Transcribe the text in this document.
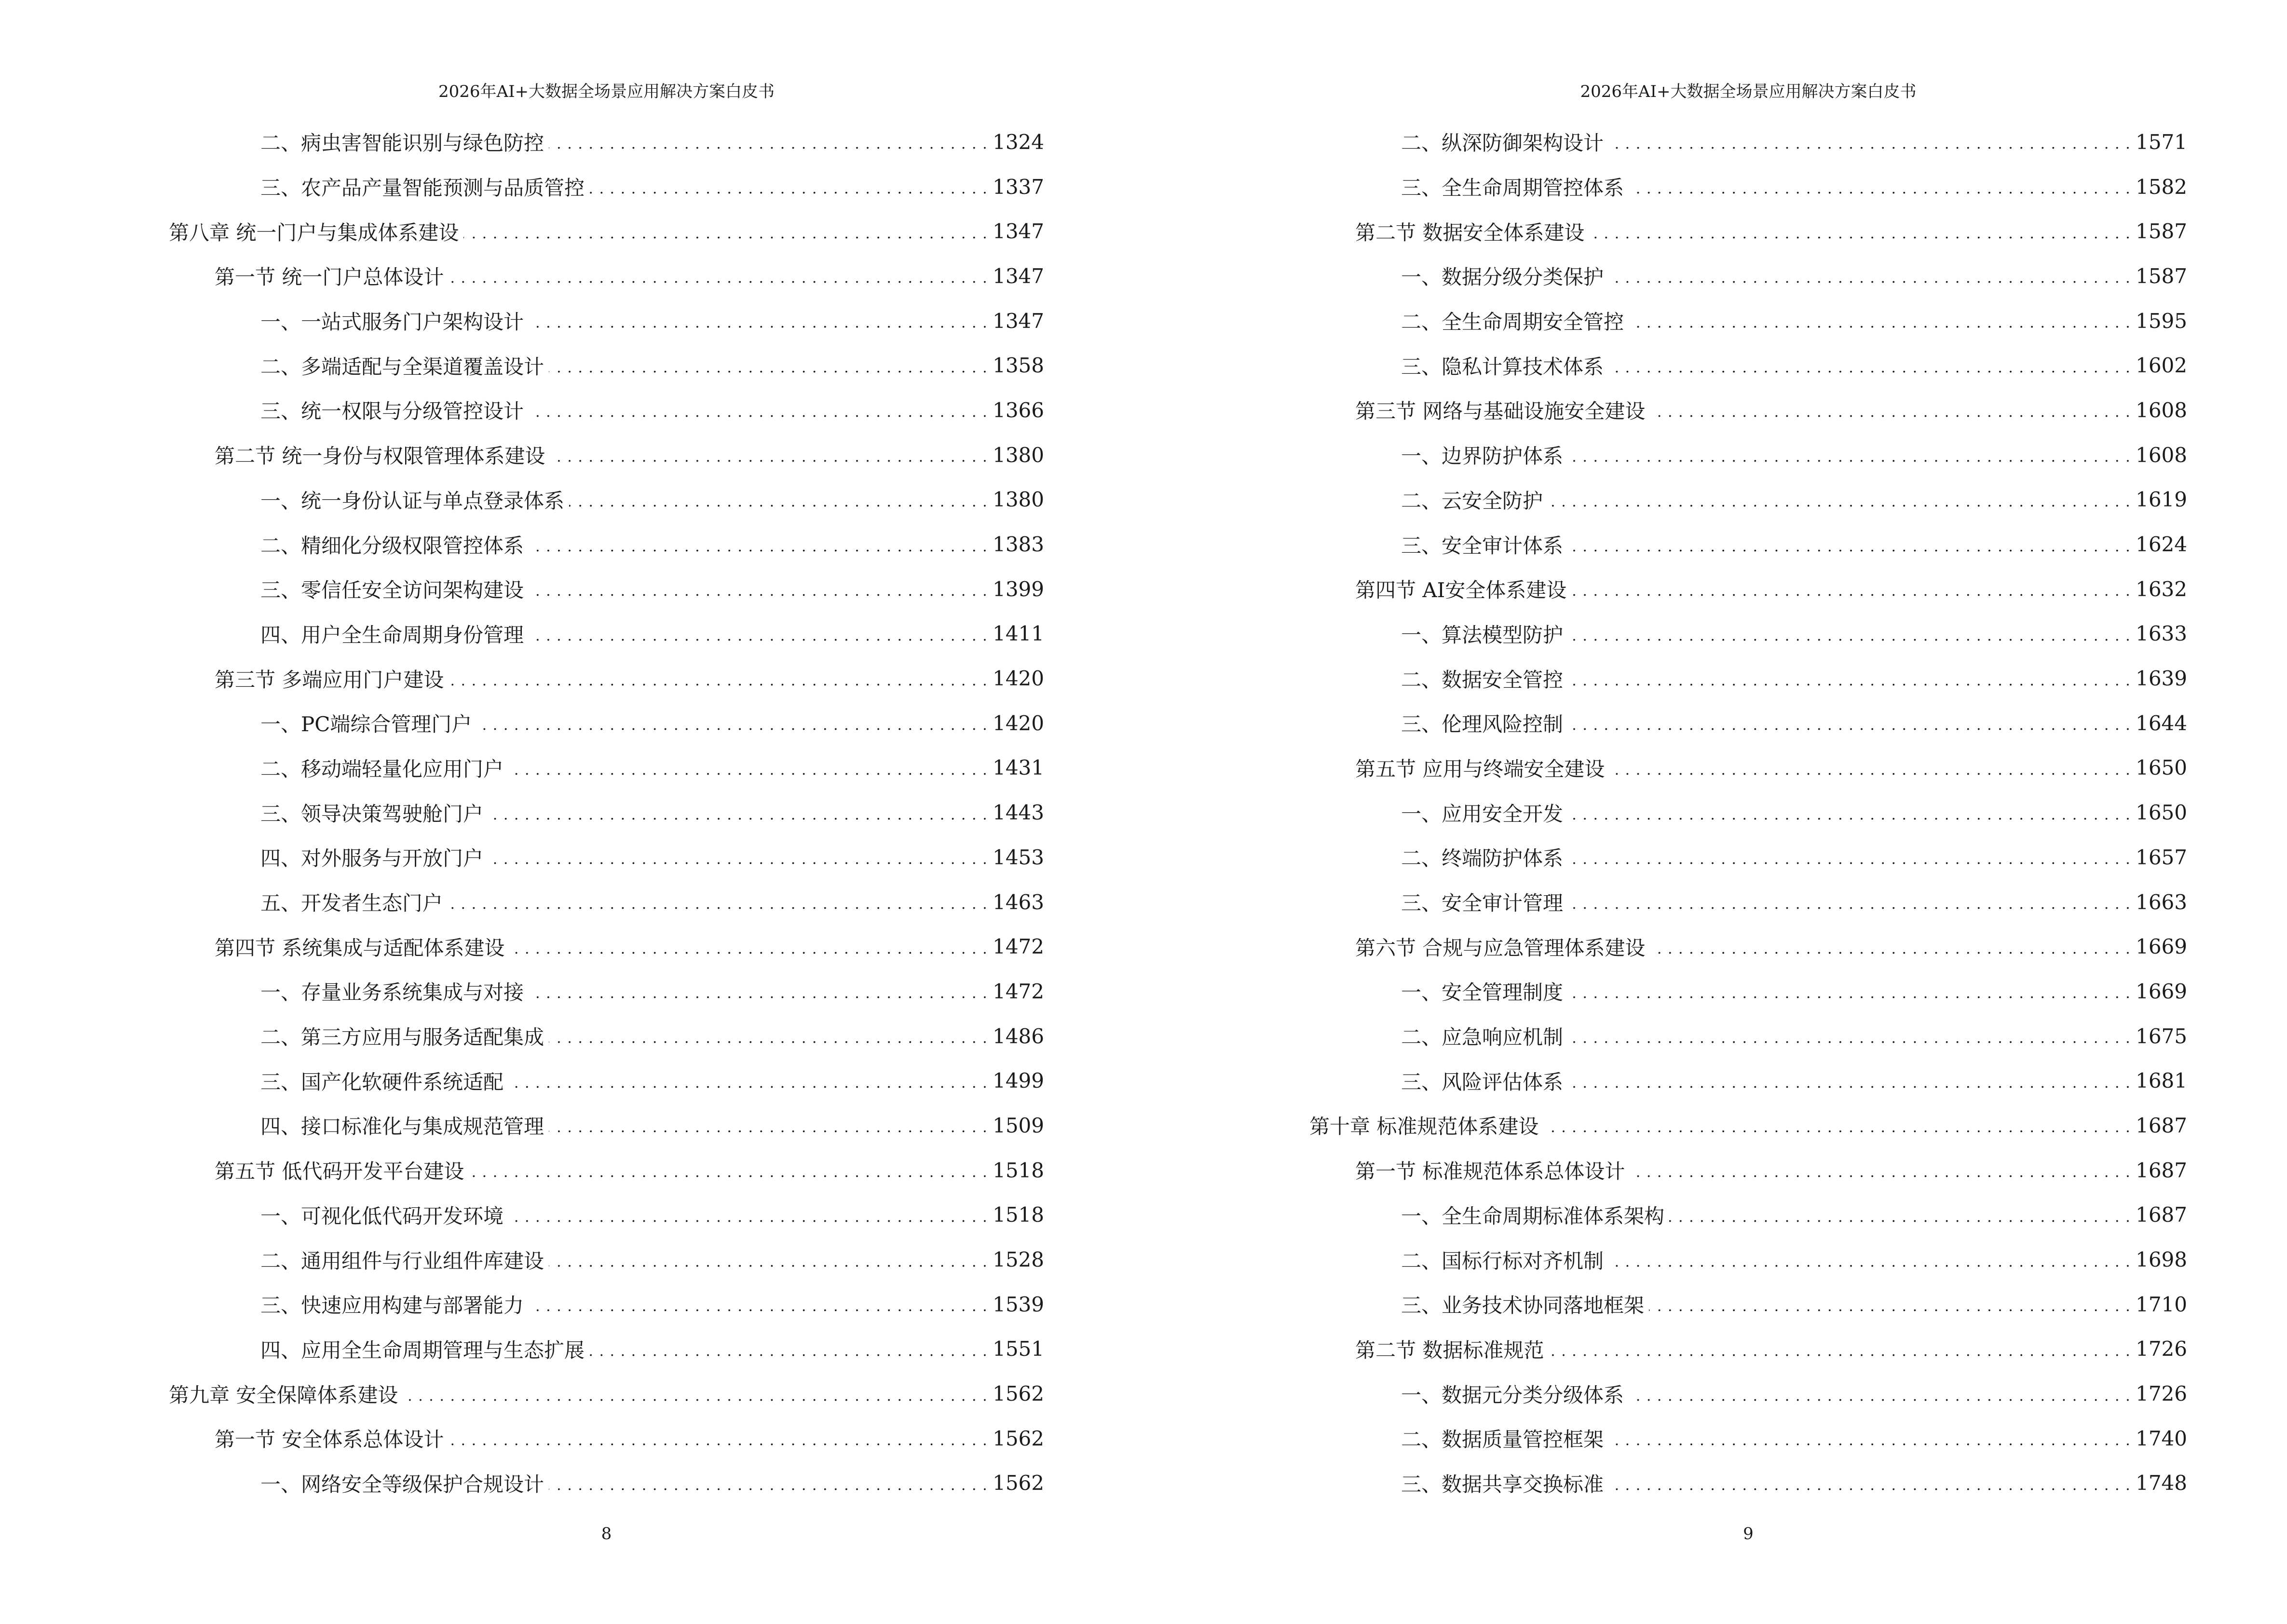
2026年AI+大数据全场景应用解决方案白皮书
二、病虫害智能识别与绿色防控 . . .	1324
三、农产品产量智能预测与品质管控 . . .	1337
第八章 统一门户与集成体系建设 . . .	1347
第一节 统一门户总体设计 . . .	1347
一、一站式服务门户架构设计 . . .	1347
二、多端适配与全渠道覆盖设计 . . .	1358
三、统一权限与分级管控设计 . . .	1366
第二节 统一身份与权限管理体系建设 . . .	1380
一、统一身份认证与单点登录体系 . . .	1380
二、精细化分级权限管控体系 . . .	1383
三、零信任安全访问架构建设 . . .	1399
四、用户全生命周期身份管理 . . .	1411
第三节 多端应用门户建设 . . .	1420
一、PC端综合管理门户 . . .	1420
二、移动端轻量化应用门户 . . .	1431
三、领导决策驾驶舱门户 . . .	1443
四、对外服务与开放门户 . . .	1453
五、开发者生态门户 . . .	1463
第四节 系统集成与适配体系建设 . . .	1472
一、存量业务系统集成与对接 . . .	1472
二、第三方应用与服务适配集成 . . .	1486
三、国产化软硬件系统适配 . . .	1499
四、接口标准化与集成规范管理 . . .	1509
第五节 低代码开发平台建设 . . .	1518
一、可视化低代码开发环境 . . .	1518
二、通用组件与行业组件库建设 . . .	1528
三、快速应用构建与部署能力 . . .	1539
四、应用全生命周期管理与生态扩展 . . .	1551
第九章 安全保障体系建设 . . .	1562
第一节 安全体系总体设计 . . .	1562
一、网络安全等级保护合规设计 . . .	1562
8
2026年AI+大数据全场景应用解决方案白皮书
二、纵深防御架构设计 . . .	1571
三、全生命周期管控体系 . . .	1582
第二节 数据安全体系建设 . . .	1587
一、数据分级分类保护 . . .	1587
二、全生命周期安全管控 . . .	1595
三、隐私计算技术体系 . . .	1602
第三节 网络与基础设施安全建设 . . .	1608
一、边界防护体系 . . .	1608
二、云安全防护 . . .	1619
三、安全审计体系 . . .	1624
第四节 AI安全体系建设 . . .	1632
一、算法模型防护 . . .	1633
二、数据安全管控 . . .	1639
三、伦理风险控制 . . .	1644
第五节 应用与终端安全建设 . . .	1650
一、应用安全开发 . . .	1650
二、终端防护体系 . . .	1657
三、安全审计管理 . . .	1663
第六节 合规与应急管理体系建设 . . .	1669
一、安全管理制度 . . .	1669
二、应急响应机制 . . .	1675
三、风险评估体系 . . .	1681
第十章 标准规范体系建设 . . .	1687
第一节 标准规范体系总体设计 . . .	1687
一、全生命周期标准体系架构 . . .	1687
二、国标行标对齐机制 . . .	1698
三、业务技术协同落地框架 . . .	1710
第二节 数据标准规范 . . .	1726
一、数据元分类分级体系 . . .	1726
二、数据质量管控框架 . . .	1740
三、数据共享交换标准 . . .	1748
9
